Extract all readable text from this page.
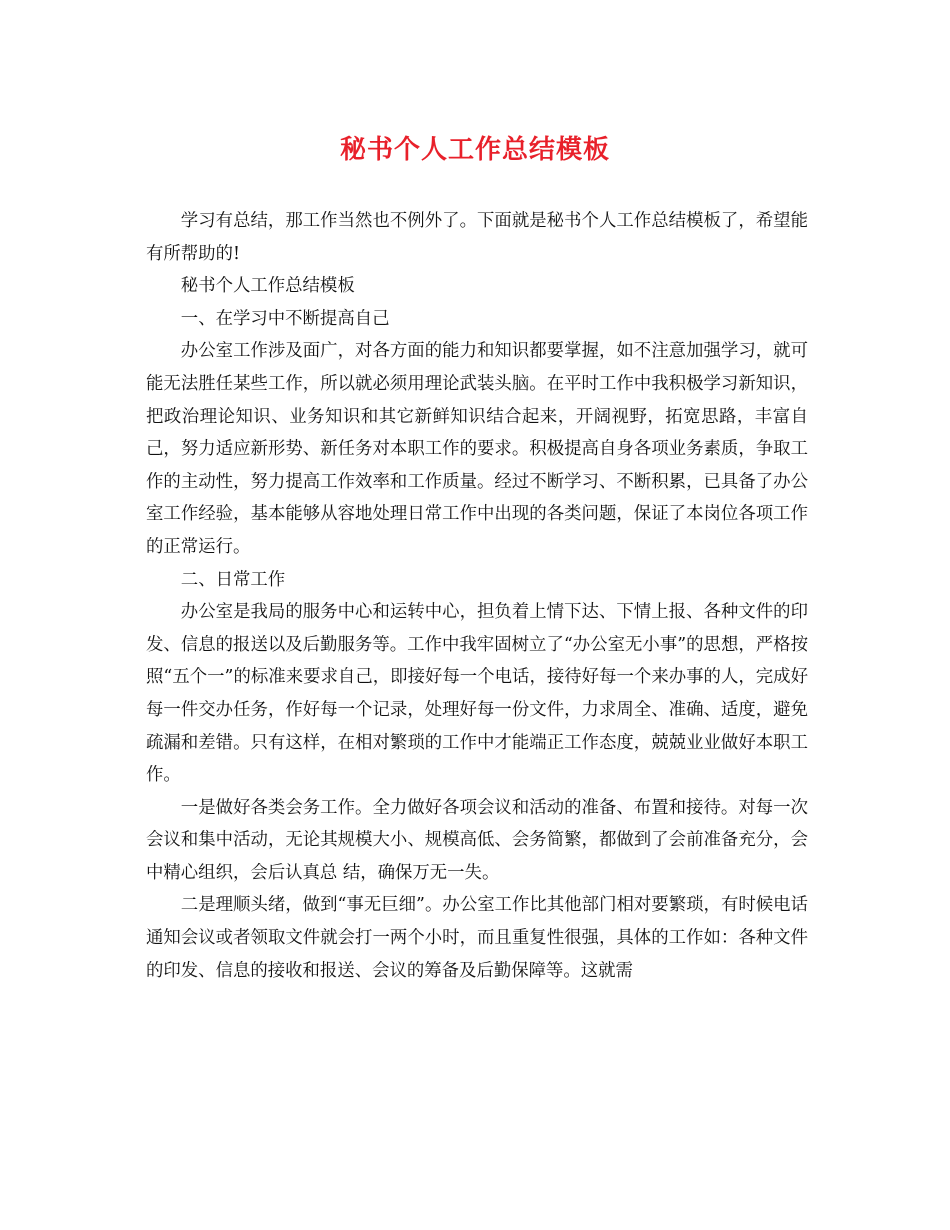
秘书个人工作总结模板

学习有总结，那工作当然也不例外了。下面就是秘书个人工作总结模板了，希望能有所帮助的!

秘书个人工作总结模板

一、在学习中不断提高自己

办公室工作涉及面广，对各方面的能力和知识都要掌握，如不注意加强学习，就可能无法胜任某些工作，所以就必须用理论武装头脑。在平时工作中我积极学习新知识，把政治理论知识、业务知识和其它新鲜知识结合起来，开阔视野，拓宽思路，丰富自己，努力适应新形势、新任务对本职工作的要求。积极提高自身各项业务素质，争取工作的主动性，努力提高工作效率和工作质量。经过不断学习、不断积累，已具备了办公室工作经验，基本能够从容地处理日常工作中出现的各类问题，保证了本岗位各项工作的正常运行。

二、日常工作

办公室是我局的服务中心和运转中心，担负着上情下达、下情上报、各种文件的印发、信息的报送以及后勤服务等。工作中我牢固树立了“办公室无小事”的思想，严格按照“五个一”的标准来要求自己，即接好每一个电话，接待好每一个来办事的人，完成好每一件交办任务，作好每一个记录，处理好每一份文件，力求周全、准确、适度，避免疏漏和差错。只有这样，在相对繁琐的工作中才能端正工作态度，兢兢业业做好本职工作。

一是做好各类会务工作。全力做好各项会议和活动的准备、布置和接待。对每一次会议和集中活动，无论其规模大小、规模高低、会务简繁，都做到了会前准备充分，会中精心组织，会后认真总 结，确保万无一失。

二是理顺头绪，做到“事无巨细”。办公室工作比其他部门相对要繁琐，有时候电话通知会议或者领取文件就会打一两个小时，而且重复性很强，具体的工作如：各种文件的印发、信息的接收和报送、会议的筹备及后勤保障等。这就需
